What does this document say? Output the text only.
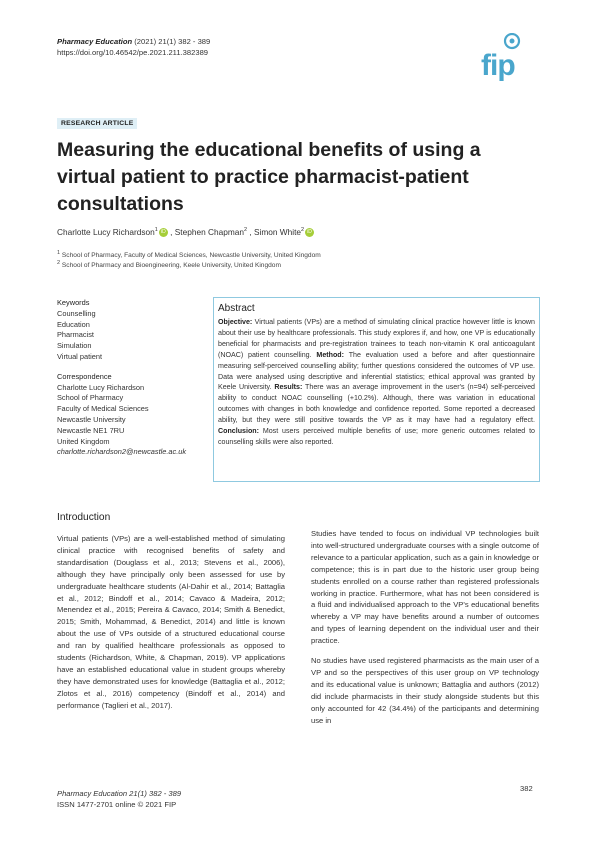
Pharmacy Education (2021) 21(1) 382 - 389
https://doi.org/10.46542/pe.2021.211.382389	fip
RESEARCH ARTICLE
Measuring the educational benefits of using a virtual patient to practice pharmacist-patient consultations
Charlotte Lucy Richardson$^1$ iD , Stephen Chapman$^2$ , Simon White$^2$ iD
$^1$ School of Pharmacy, Faculty of Medical Sciences, Newcastle University, United Kingdom
$^2$ School of Pharmacy and Bioengineering, Keele University, United Kingdom
Keywords
Counselling
Education
Pharmacist
Simulation
Virtual patient
Correspondence
Charlotte Lucy Richardson
School of Pharmacy
Faculty of Medical Sciences
Newcastle University
Newcastle NE1 7RU
United Kingdom
charlotte.richardson2@newcastle.ac.uk
Abstract
Objective: Virtual patients (VPs) are a method of simulating clinical practice however little is known about their use by healthcare professionals. This study explores if, and how, one VP is educationally beneficial for pharmacists and pre-registration trainees to teach non-vitamin K oral anticoagulant (NOAC) patient counselling. Method: The evaluation used a before and after questionnaire measuring self-perceived counselling ability; further questions considered the outcomes of VP use. Data were analysed using descriptive and inferential statistics; ethical approval was granted by Keele University. Results: There was an average improvement in the user's (n=94) self-perceived ability to conduct NOAC counselling (+10.2%). Although, there was variation in educational outcomes with changes in both knowledge and confidence reported. Some reported a decreased ability, but they were still positive towards the VP as it may have had a regulatory effect. Conclusion: Most users perceived multiple benefits of use; more generic outcomes related to counselling skills were also reported.
Introduction

Virtual patients (VPs) are a well-established method of simulating clinical practice with recognised benefits of safety and standardisation (Douglass et al., 2013; Stevens et al., 2006), although they have principally only been assessed for use by undergraduate healthcare students (Al-Dahir et al., 2014; Battaglia et al., 2012; Bindoff et al., 2014; Cavaco & Madeira, 2012; Menendez et al., 2015; Pereira & Cavaco, 2014; Smith & Benedict, 2015; Smith, Mohammad, & Benedict, 2014) and little is known about the use of VPs outside of a structured educational course and ran by qualified healthcare professionals as opposed to students (Richardson, White, & Chapman, 2019). VP applications have an established educational value in student groups whereby they have demonstrated uses for knowledge (Battaglia et al., 2012; Zlotos et al., 2016) competency (Bindoff et al., 2014) and performance (Taglieri et al., 2017).

Studies have tended to focus on individual VP technologies built into well-structured undergraduate courses with a single outcome of relevance to a particular application, such as a gain in knowledge or competence; this is in part due to the historic user group being students enrolled on a course rather than registered professionals working in practice. Furthermore, what has not been considered is a fluid and individualised approach to the VP's educational benefits whereby a VP may have benefits around a number of outcomes and types of learning dependent on the individual user and their practice.

No studies have used registered pharmacists as the main user of a VP and so the perspectives of this user group on VP technology and its educational value is unknown; Battaglia and authors (2012) did include pharmacists in their study alongside students but this only accounted for 42 (34.4%) of the participants and determining use in

Pharmacy Education 21(1) 382 - 389
ISSN 1477-2701 online © 2021 FIP
382
